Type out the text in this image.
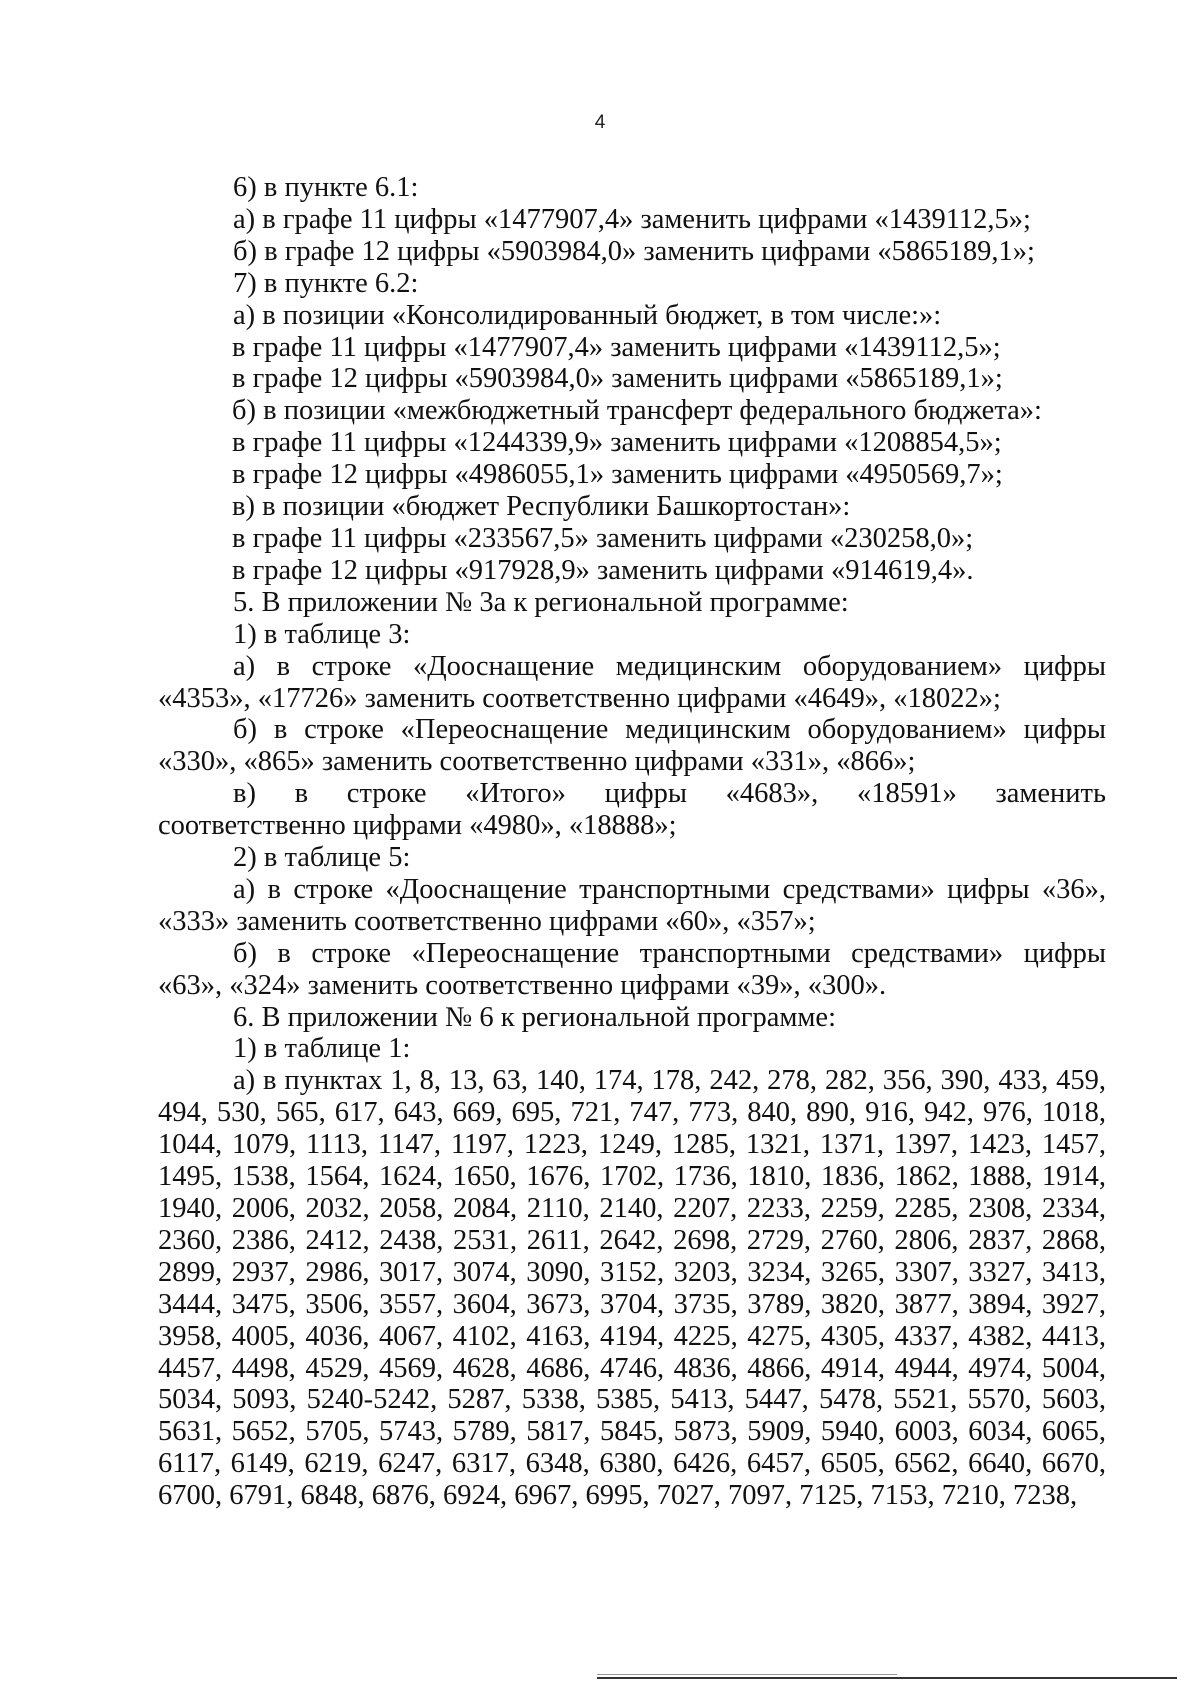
4
6) в пункте 6.1:
а) в графе 11 цифры «1477907,4» заменить цифрами «1439112,5»;
б) в графе 12 цифры «5903984,0» заменить цифрами «5865189,1»;
7) в пункте 6.2:
а) в позиции «Консолидированный бюджет, в том числе:»:
в графе 11 цифры «1477907,4» заменить цифрами «1439112,5»;
в графе 12 цифры «5903984,0» заменить цифрами «5865189,1»;
б) в позиции «межбюджетный трансферт федерального бюджета»:
в графе 11 цифры «1244339,9» заменить цифрами «1208854,5»;
в графе 12 цифры «4986055,1» заменить цифрами «4950569,7»;
в) в позиции «бюджет Республики Башкортостан»:
в графе 11 цифры «233567,5» заменить цифрами «230258,0»;
в графе 12 цифры «917928,9» заменить цифрами «914619,4».
5. В приложении № 3а к региональной программе:
1) в таблице 3:
а) в строке «Дооснащение медицинским оборудованием» цифры
«4353», «17726» заменить соответственно цифрами «4649», «18022»;
б) в строке «Переоснащение медицинским оборудованием» цифры
«330», «865» заменить соответственно цифрами «331», «866»;
в) в строке «Итого» цифры «4683», «18591» заменить
соответственно цифрами «4980», «18888»;
2) в таблице 5:
а) в строке «Дооснащение транспортными средствами» цифры «36»,
«333» заменить соответственно цифрами «60», «357»;
б) в строке «Переоснащение транспортными средствами» цифры
«63», «324» заменить соответственно цифрами «39», «300».
6. В приложении № 6 к региональной программе:
1) в таблице 1:
а) в пунктах 1, 8, 13, 63, 140, 174, 178, 242, 278, 282, 356, 390, 433, 459, 494, 530, 565, 617, 643, 669, 695, 721, 747, 773, 840, 890, 916, 942, 976, 1018, 1044, 1079, 1113, 1147, 1197, 1223, 1249, 1285, 1321, 1371, 1397, 1423, 1457, 1495, 1538, 1564, 1624, 1650, 1676, 1702, 1736, 1810, 1836, 1862, 1888, 1914, 1940, 2006, 2032, 2058, 2084, 2110, 2140, 2207, 2233, 2259, 2285, 2308, 2334, 2360, 2386, 2412, 2438, 2531, 2611, 2642, 2698, 2729, 2760, 2806, 2837, 2868, 2899, 2937, 2986, 3017, 3074, 3090, 3152, 3203, 3234, 3265, 3307, 3327, 3413, 3444, 3475, 3506, 3557, 3604, 3673, 3704, 3735, 3789, 3820, 3877, 3894, 3927, 3958, 4005, 4036, 4067, 4102, 4163, 4194, 4225, 4275, 4305, 4337, 4382, 4413, 4457, 4498, 4529, 4569, 4628, 4686, 4746, 4836, 4866, 4914, 4944, 4974, 5004, 5034, 5093, 5240-5242, 5287, 5338, 5385, 5413, 5447, 5478, 5521, 5570, 5603, 5631, 5652, 5705, 5743, 5789, 5817, 5845, 5873, 5909, 5940, 6003, 6034, 6065, 6117, 6149, 6219, 6247, 6317, 6348, 6380, 6426, 6457, 6505, 6562, 6640, 6670, 6700, 6791, 6848, 6876, 6924, 6967, 6995, 7027, 7097, 7125, 7153, 7210, 7238,
